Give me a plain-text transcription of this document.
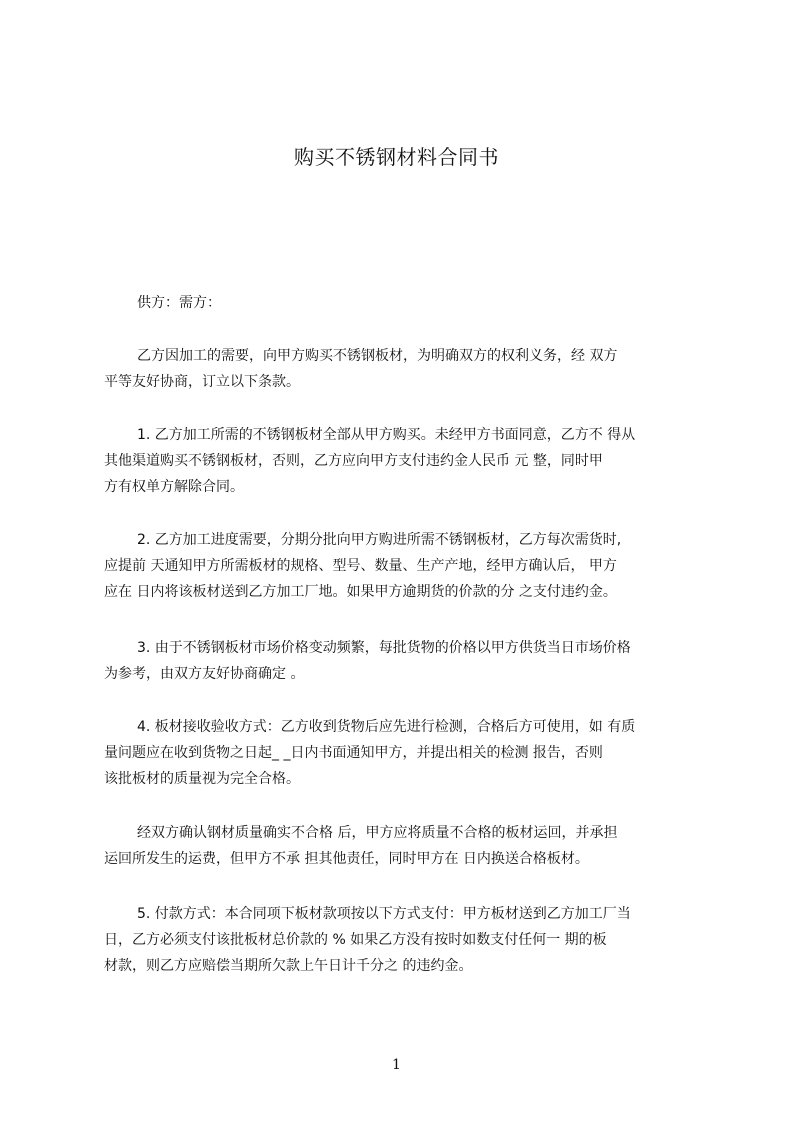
购买不锈钢材料合同书

供方：需方：

乙方因加工的需要，向甲方购买不锈钢板材，为明确双方的权利义务，经 双方
平等友好协商，订立以下条款。
1. 乙方加工所需的不锈钢板材全部从甲方购买。未经甲方书面同意，乙方不 得从
其他渠道购买不锈钢板材，否则，乙方应向甲方支付违约金人民币 元 整，同时甲
方有权单方解除合同。
2. 乙方加工进度需要，分期分批向甲方购进所需不锈钢板材，乙方每次需货时,
应提前 天通知甲方所需板材的规格、型号、数量、生产产地，经甲方确认后， 甲方
应在 日内将该板材送到乙方加工厂地。如果甲方逾期货的价款的分 之支付违约金。
3. 由于不锈钢板材市场价格变动频繁，每批货物的价格以甲方供货当日市场价格
为参考，由双方友好协商确定 。
4. 板材接收验收方式：乙方收到货物后应先进行检测，合格后方可使用，如 有质
量问题应在收到货物之日起_ _日内书面通知甲方，并提出相关的检测 报告，否则
该批板材的质量视为完全合格。
经双方确认钢材质量确实不合格 后，甲方应将质量不合格的板材运回，并承担
运回所发生的运费，但甲方不承 担其他责任，同时甲方在 日内换送合格板材。
5. 付款方式：本合同项下板材款项按以下方式支付：甲方板材送到乙方加工厂当
日，乙方必须支付该批板材总价款的 % 如果乙方没有按时如数支付任何一 期的板
材款，则乙方应赔偿当期所欠款上午日计千分之 的违约金。

1
